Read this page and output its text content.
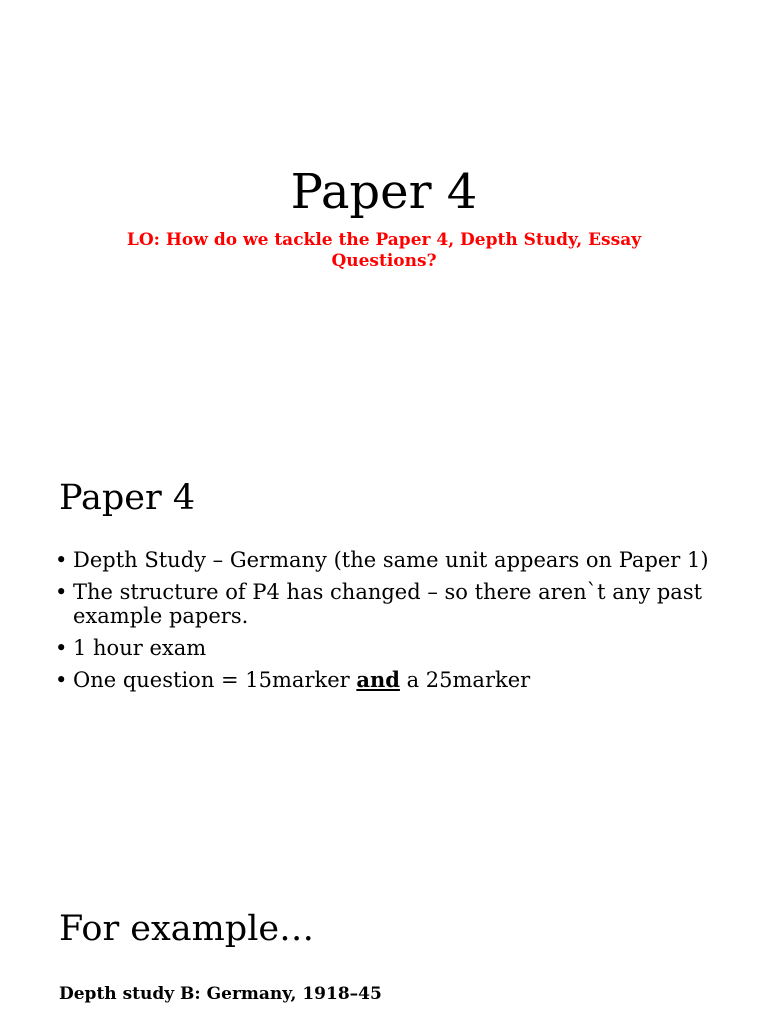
Paper 4

LO: How do we tackle the Paper 4, Depth Study, Essay Questions?

Paper 4
• Depth Study – Germany (the same unit appears on Paper 1)
• The structure of P4 has changed – so there aren`t any past example papers.
• 1 hour exam
• One question = 15marker and a 25marker
For example…

Depth study B: Germany, 1918–45
